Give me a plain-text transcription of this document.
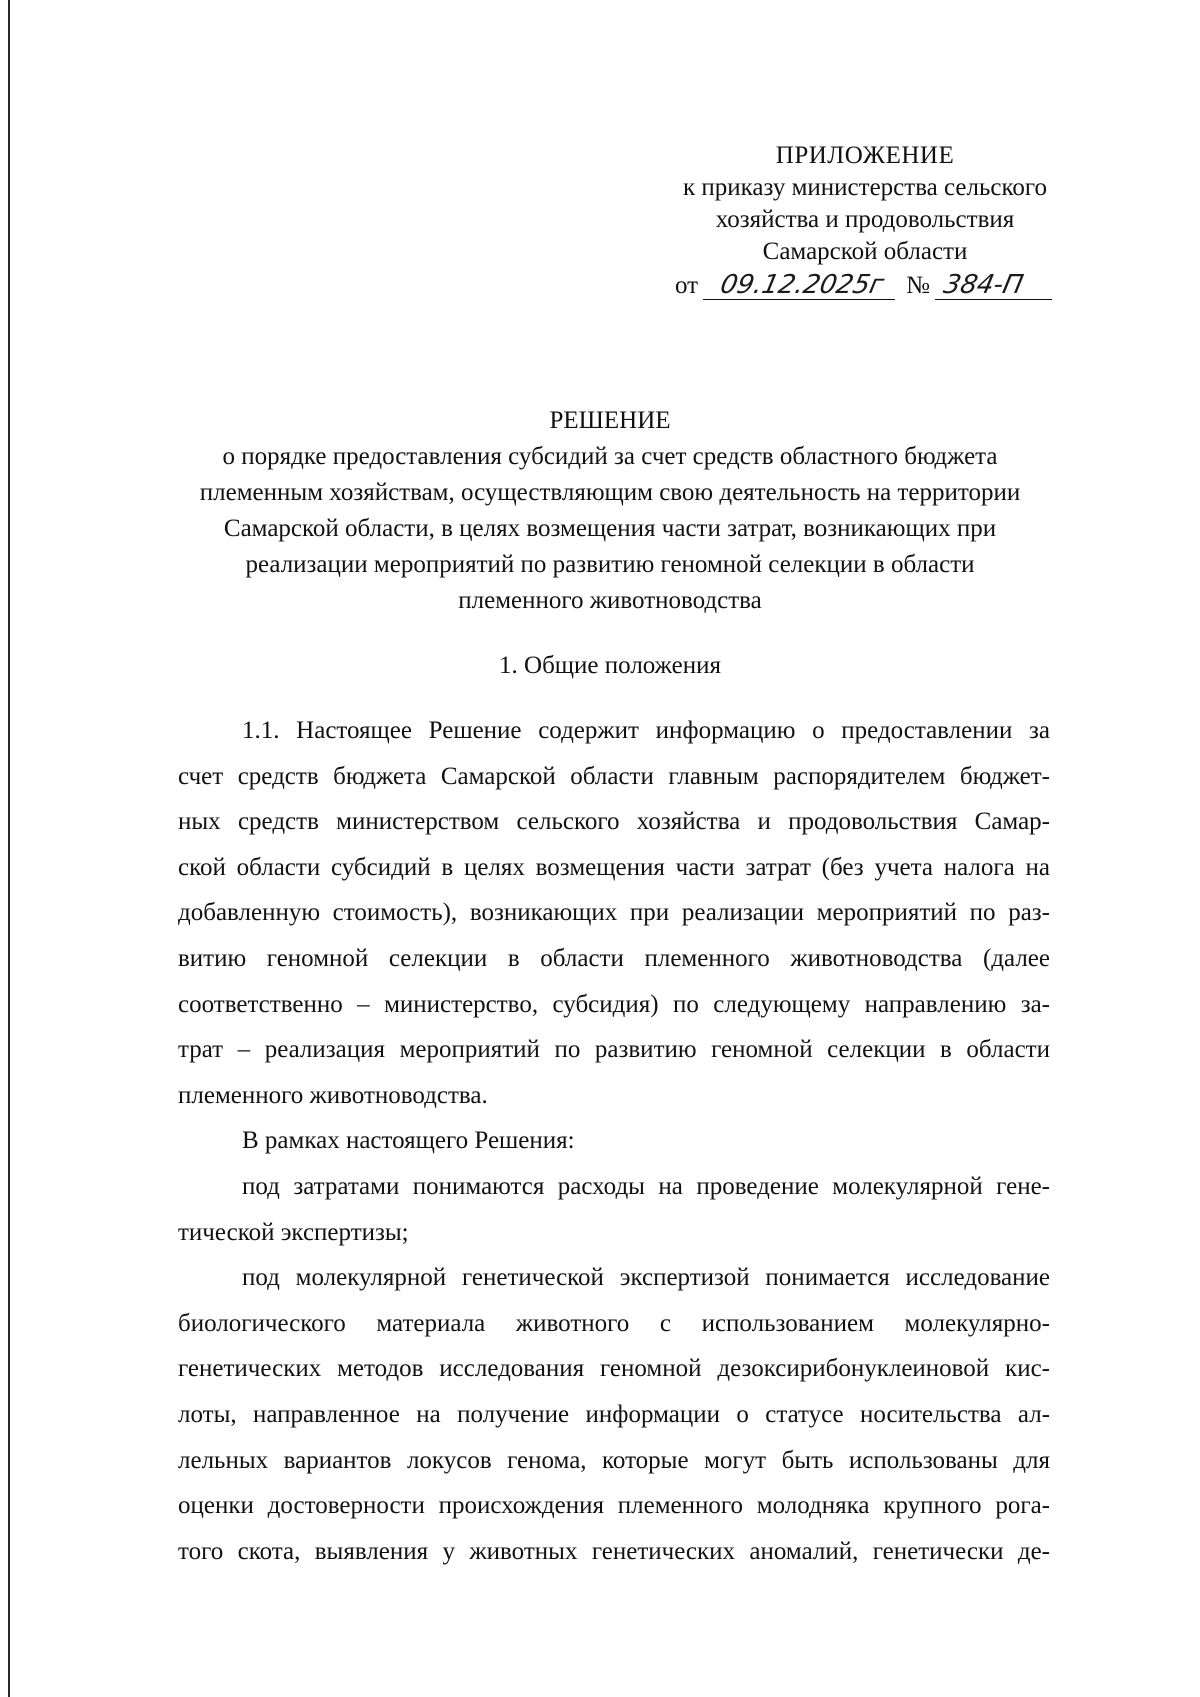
ПРИЛОЖЕНИЕ
к приказу министерства сельского
хозяйства и продовольствия
Самарской области
от 09.12.2025г № 384-П
РЕШЕНИЕ
о порядке предоставления субсидий за счет средств областного бюджета
племенным хозяйствам, осуществляющим свою деятельность на территории
Самарской области, в целях возмещения части затрат, возникающих при
реализации мероприятий по развитию геномной селекции в области
племенного животноводства
1. Общие положения
1.1. Настоящее Решение содержит информацию о предоставлении за
счет средств бюджета Самарской области главным распорядителем бюджет-
ных средств министерством сельского хозяйства и продовольствия Самар-
ской области субсидий в целях возмещения части затрат (без учета налога на
добавленную стоимость), возникающих при реализации мероприятий по раз-
витию геномной селекции в области племенного животноводства (далее
соответственно – министерство, субсидия) по следующему направлению за-
трат – реализация мероприятий по развитию геномной селекции в области
племенного животноводства.
В рамках настоящего Решения:
под затратами понимаются расходы на проведение молекулярной гене-
тической экспертизы;
под молекулярной генетической экспертизой понимается исследование
биологического материала животного с использованием молекулярно-
генетических методов исследования геномной дезоксирибонуклеиновой кис-
лоты, направленное на получение информации о статусе носительства ал-
лельных вариантов локусов генома, которые могут быть использованы для
оценки достоверности происхождения племенного молодняка крупного рога-
того скота, выявления у животных генетических аномалий, генетически де-
